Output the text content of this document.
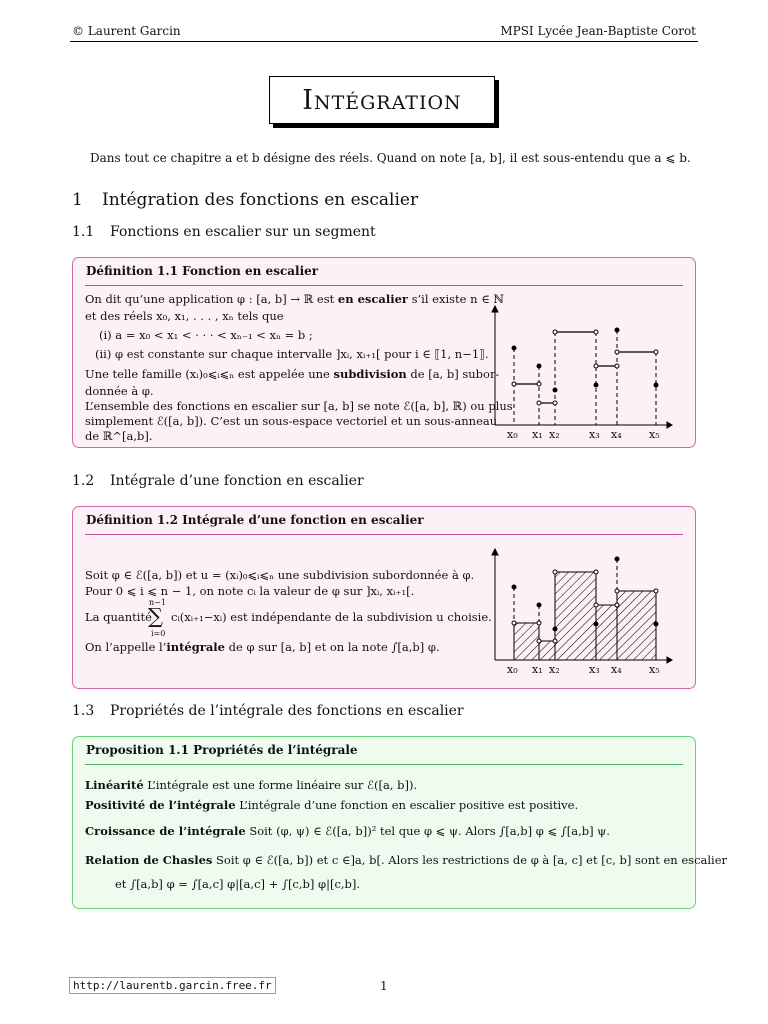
© Laurent Garcin	MPSI Lycée Jean-Baptiste Corot
Intégration
Dans tout ce chapitre a et b désigne des réels. Quand on note [a, b], il est sous-entendu que a ⩽ b.
1 Intégration des fonctions en escalier
1.1 Fonctions en escalier sur un segment
Définition 1.1 Fonction en escalier
On dit qu’une application φ : [a, b] → ℝ est en escalier s’il existe n ∈ ℕ
et des réels x₀, x₁, . . . , xₙ tels que
(i) a = x₀ < x₁ < · · · < xₙ₋₁ < xₙ = b ;
(ii) φ est constante sur chaque intervalle ]xᵢ, xᵢ₊₁[ pour i ∈ ⟦1, n−1⟧.
Une telle famille (xᵢ)₀⩽ᵢ⩽ₙ est appelée une subdivision de [a, b] subor-
donnée à φ.
L’ensemble des fonctions en escalier sur [a, b] se note ℰ([a, b], ℝ) ou plus
simplement ℰ([a, b]). C’est un sous-espace vectoriel et un sous-anneau
de ℝ^[a,b].	x₀ x₁ x₂	x₃ x₄ x₅
1.2 Intégrale d’une fonction en escalier
Définition 1.2 Intégrale d’une fonction en escalier
Soit φ ∈ ℰ([a, b]) et u = (xᵢ)₀⩽ᵢ⩽ₙ une subdivision subordonnée à φ.
Pour 0 ⩽ i ⩽ n − 1, on note cᵢ la valeur de φ sur ]xᵢ, xᵢ₊₁[.
La quantité
n−1
∑
i=0
cᵢ(xᵢ₊₁−xᵢ) est indépendante de la subdivision u choisie.
On l’appelle l’intégrale de φ sur [a, b] et on la note ∫[a,b] φ.
x₀ x₁ x₂	x₃ x₄ x₅
1.3 Propriétés de l’intégrale des fonctions en escalier
Proposition 1.1 Propriétés de l’intégrale
Linéarité L’intégrale est une forme linéaire sur ℰ([a, b]).
Positivité de l’intégrale L’intégrale d’une fonction en escalier positive est positive.
Croissance de l’intégrale Soit (φ, ψ) ∈ ℰ([a, b])² tel que φ ⩽ ψ. Alors ∫[a,b] φ ⩽ ∫[a,b] ψ.
Relation de Chasles Soit φ ∈ ℰ([a, b]) et c ∈]a, b[. Alors les restrictions de φ à [a, c] et [c, b] sont en escalier
et ∫[a,b] φ = ∫[a,c] φ|[a,c] + ∫[c,b] φ|[c,b].
http://laurentb.garcin.free.fr	1
